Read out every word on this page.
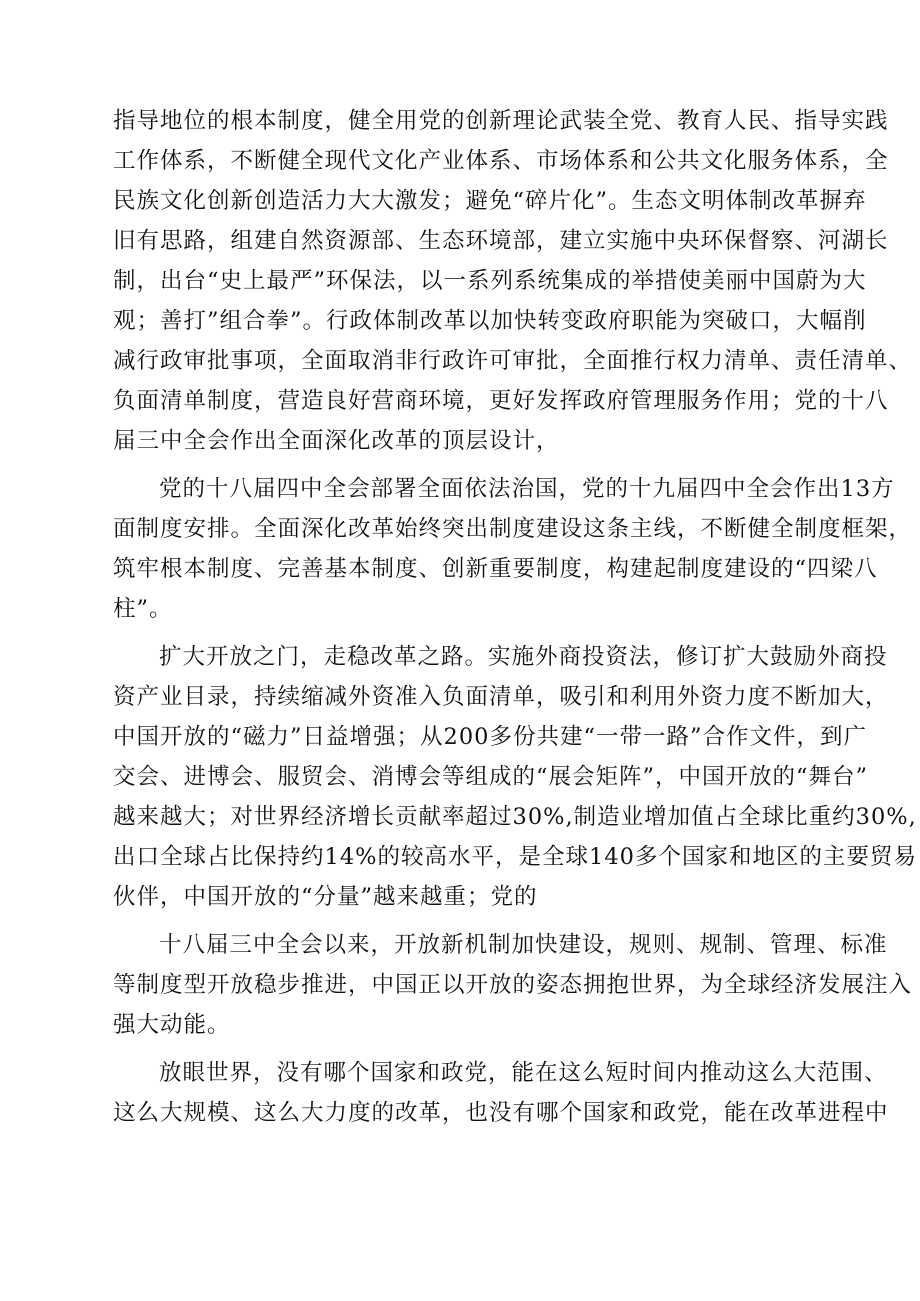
指导地位的根本制度，健全用党的创新理论武装全党、教育人民、指导实践
工作体系，不断健全现代文化产业体系、市场体系和公共文化服务体系，全
民族文化创新创造活力大大激发；避免“碎片化”。生态文明体制改革摒弃
旧有思路，组建自然资源部、生态环境部，建立实施中央环保督察、河湖长
制，出台“史上最严”环保法，以一系列系统集成的举措使美丽中国蔚为大
观；善打”组合拳”。行政体制改革以加快转变政府职能为突破口，大幅削
减行政审批事项，全面取消非行政许可审批，全面推行权力清单、责任清单、
负面清单制度，营造良好营商环境，更好发挥政府管理服务作用；党的十八
届三中全会作出全面深化改革的顶层设计，
党的十八届四中全会部署全面依法治国，党的十九届四中全会作出13方
面制度安排。全面深化改革始终突出制度建设这条主线，不断健全制度框架，
筑牢根本制度、完善基本制度、创新重要制度，构建起制度建设的“四梁八
柱”。
扩大开放之门，走稳改革之路。实施外商投资法，修订扩大鼓励外商投
资产业目录，持续缩减外资准入负面清单，吸引和利用外资力度不断加大，
中国开放的“磁力”日益增强；从200多份共建“一带一路”合作文件，到广
交会、进博会、服贸会、消博会等组成的“展会矩阵”，中国开放的“舞台”
越来越大；对世界经济增长贡献率超过30%,制造业增加值占全球比重约30%,
出口全球占比保持约14%的较高水平，是全球140多个国家和地区的主要贸易
伙伴，中国开放的“分量”越来越重；党的
十八届三中全会以来，开放新机制加快建设，规则、规制、管理、标准
等制度型开放稳步推进，中国正以开放的姿态拥抱世界，为全球经济发展注入
强大动能。
放眼世界，没有哪个国家和政党，能在这么短时间内推动这么大范围、
这么大规模、这么大力度的改革，也没有哪个国家和政党，能在改革进程中
